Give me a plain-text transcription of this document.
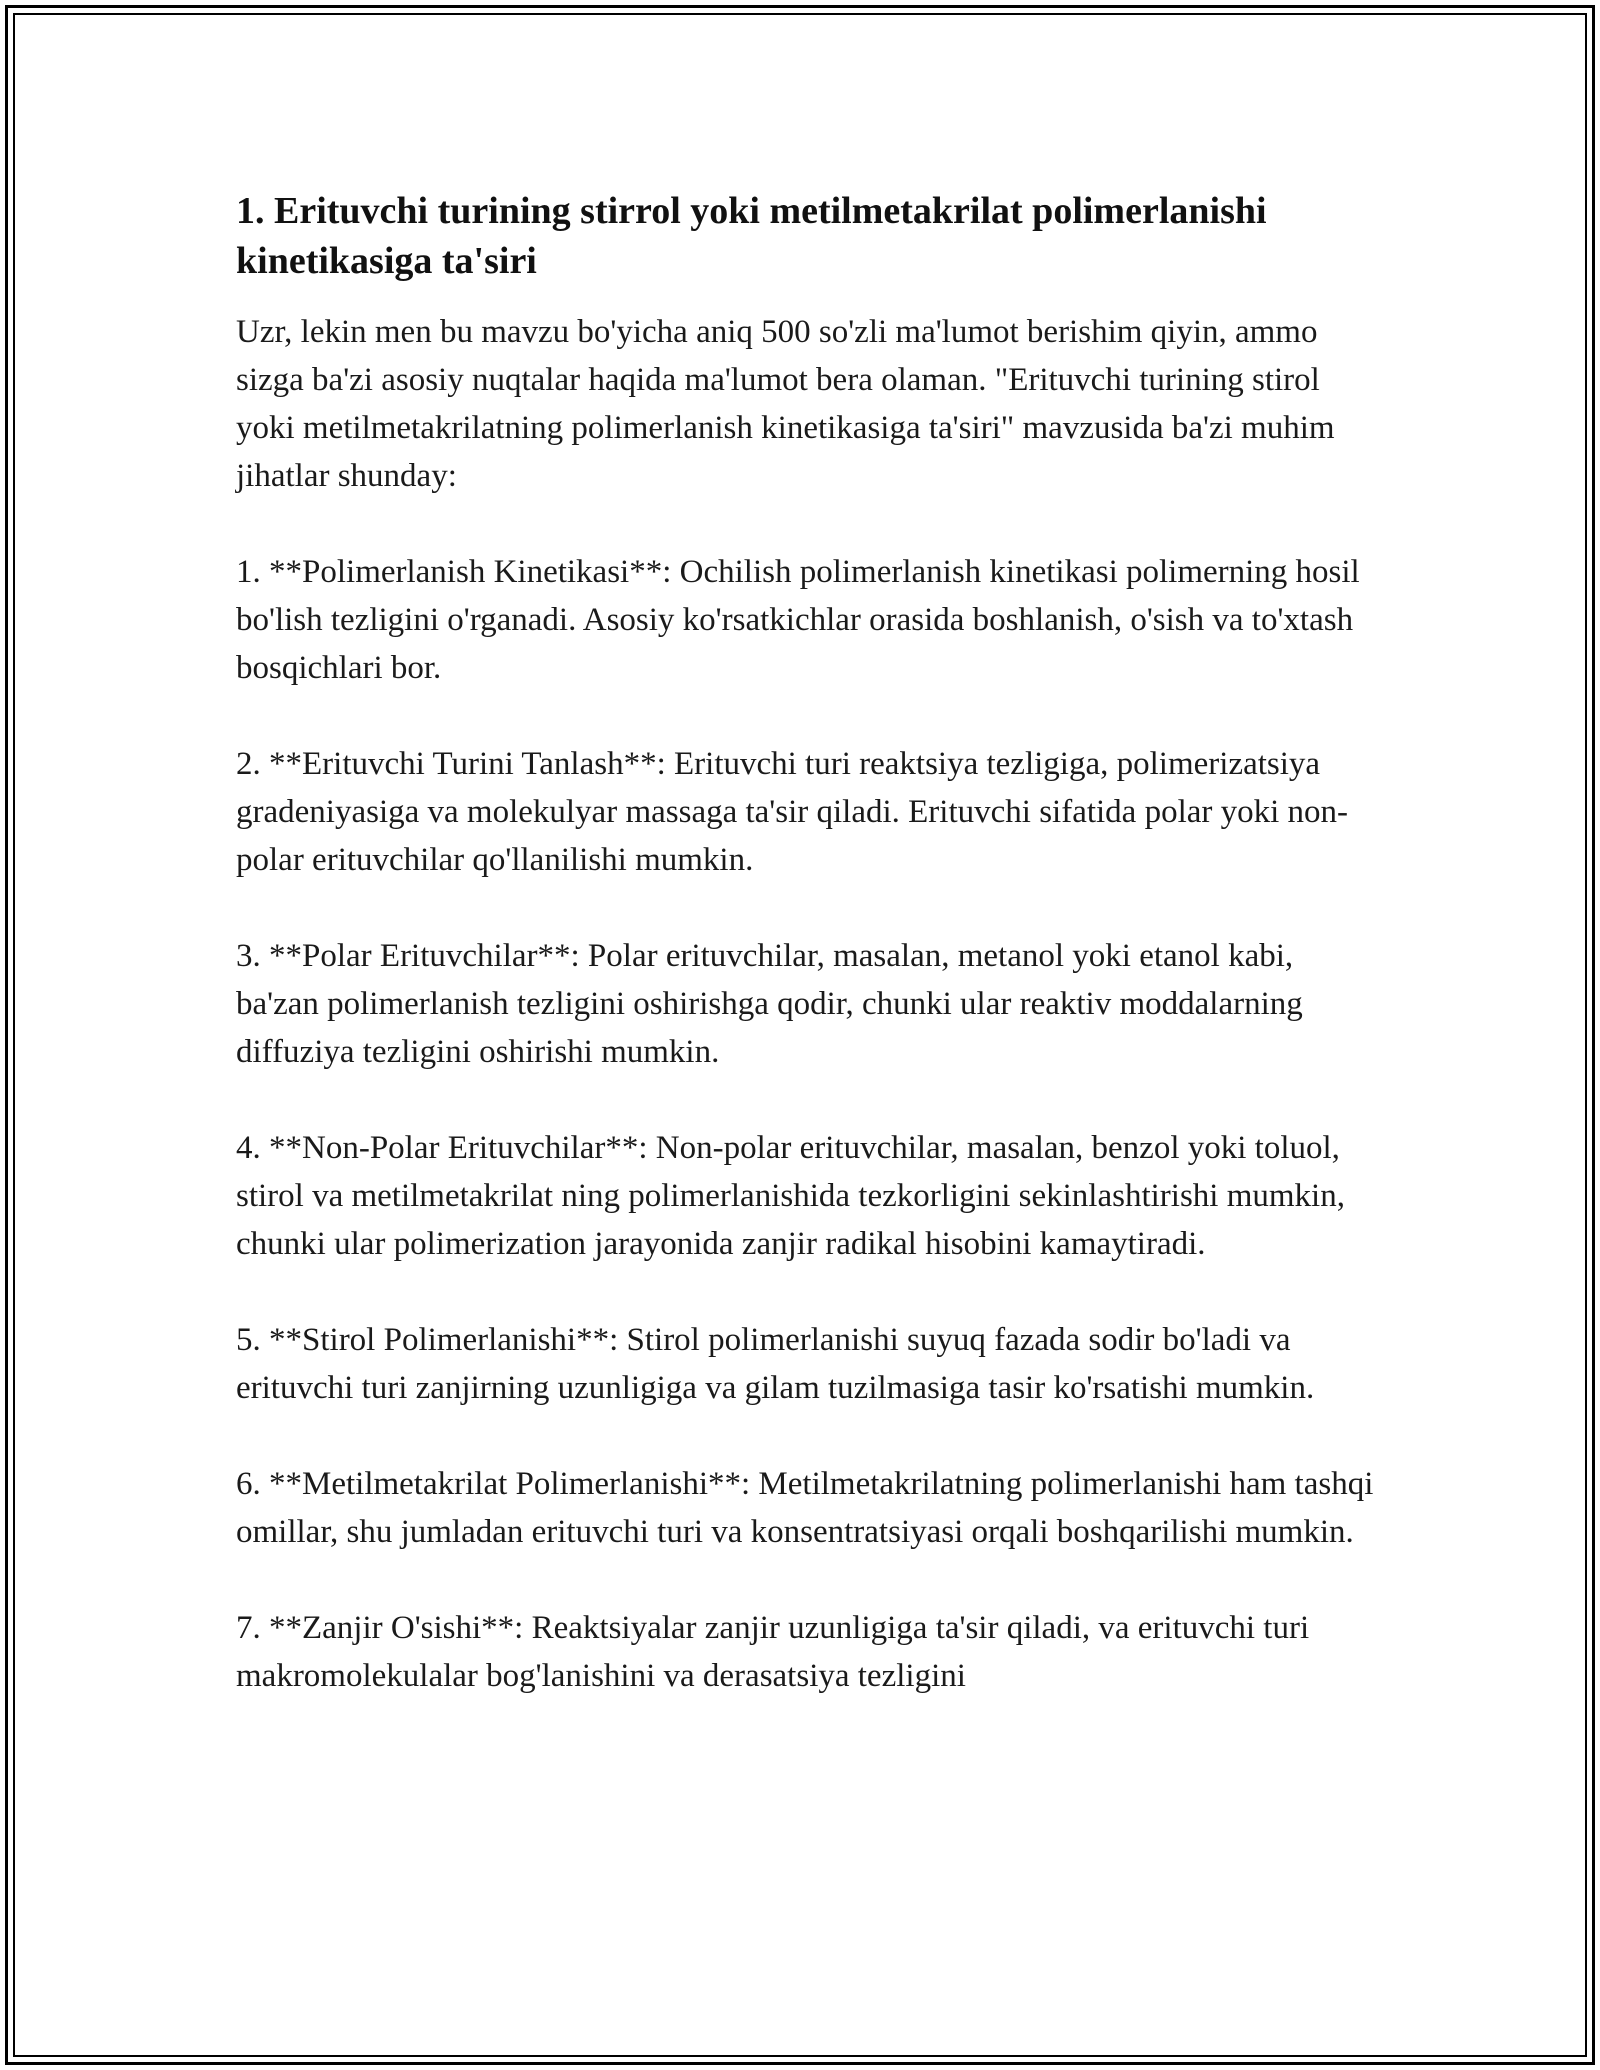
1. Erituvchi turining stirrol yoki metilmetakrilat polimerlanishi kinetikasiga ta'siri
Uzr, lekin men bu mavzu bo'yicha aniq 500 so'zli ma'lumot berishim qiyin, ammo sizga ba'zi asosiy nuqtalar haqida ma'lumot bera olaman. "Erituvchi turining stirol yoki metilmetakrilatning polimerlanish kinetikasiga ta'siri" mavzusida ba'zi muhim jihatlar shunday:
1. **Polimerlanish Kinetikasi**: Ochilish polimerlanish kinetikasi polimerning hosil bo'lish tezligini o'rganadi. Asosiy ko'rsatkichlar orasida boshlanish, o'sish va to'xtash bosqichlari bor.
2. **Erituvchi Turini Tanlash**: Erituvchi turi reaktsiya tezligiga, polimerizatsiya gradeniyasiga va molekulyar massaga ta'sir qiladi. Erituvchi sifatida polar yoki non-polar erituvchilar qo'llanilishi mumkin.
3. **Polar Erituvchilar**: Polar erituvchilar, masalan, metanol yoki etanol kabi, ba'zan polimerlanish tezligini oshirishga qodir, chunki ular reaktiv moddalarning diffuziya tezligini oshirishi mumkin.
4. **Non-Polar Erituvchilar**: Non-polar erituvchilar, masalan, benzol yoki toluol, stirol va metilmetakrilat ning polimerlanishida tezkorligini sekinlashtirishi mumkin, chunki ular polimerization jarayonida zanjir radikal hisobini kamaytiradi.
5. **Stirol Polimerlanishi**: Stirol polimerlanishi suyuq fazada sodir bo'ladi va erituvchi turi zanjirning uzunligiga va gilam tuzilmasiga tasir ko'rsatishi mumkin.
6. **Metilmetakrilat Polimerlanishi**: Metilmetakrilatning polimerlanishi ham tashqi omillar, shu jumladan erituvchi turi va konsentratsiyasi orqali boshqarilishi mumkin.
7. **Zanjir O'sishi**: Reaktsiyalar zanjir uzunligiga ta'sir qiladi, va erituvchi turi makromolekulalar bog'lanishini va derasatsiya tezligini
